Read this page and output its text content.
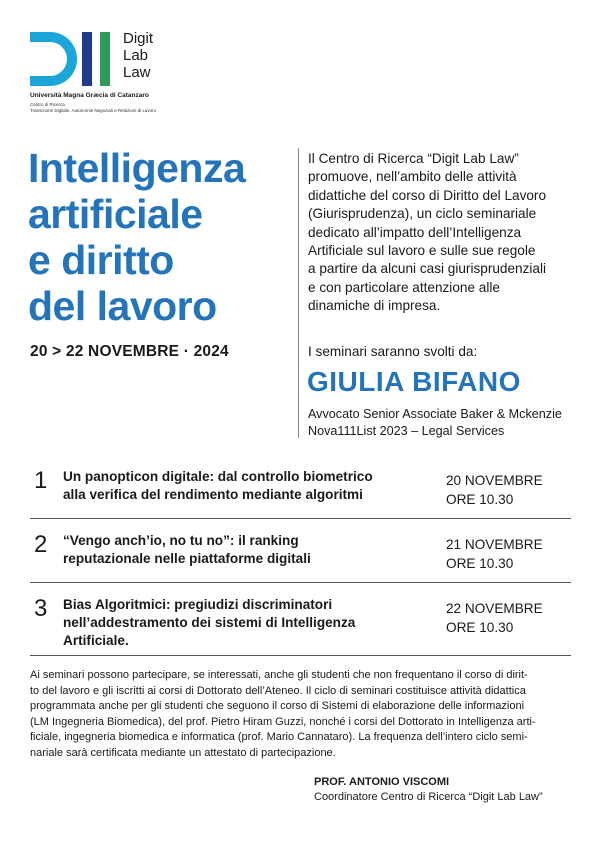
Digit
Lab
Law
Università Magna Græcia di Catanzaro
Centro di Ricerca
Transizione Digitale, Autonomie Negoziali e Relazioni di Lavoro
Intelligenza
artificiale
e diritto
del lavoro
20 > 22 NOVEMBRE · 2024
Il Centro di Ricerca “Digit Lab Law”
promuove, nell’ambito delle attività
didattiche del corso di Diritto del Lavoro
(Giurisprudenza), un ciclo seminariale
dedicato all’impatto dell’Intelligenza
Artificiale sul lavoro e sulle sue regole
a partire da alcuni casi giurisprudenziali
e con particolare attenzione alle
dinamiche di impresa.
I seminari saranno svolti da:
GIULIA BIFANO
Avvocato Senior Associate Baker & Mckenzie
Nova111List 2023 – Legal Services
1 Un panopticon digitale: dal controllo biometrico
alla verifica del rendimento mediante algoritmi
20 NOVEMBRE
ORE 10.30
2 “Vengo anch’io, no tu no”: il ranking
reputazionale nelle piattaforme digitali
21 NOVEMBRE
ORE 10.30
3 Bias Algoritmici: pregiudizi discriminatori
nell’addestramento dei sistemi di Intelligenza
Artificiale.
22 NOVEMBRE
ORE 10.30
Ai seminari possono partecipare, se interessati, anche gli studenti che non frequentano il corso di dirit-
to del lavoro e gli iscritti ai corsi di Dottorato dell’Ateneo. Il ciclo di seminari costituisce attività didattica
programmata anche per gli studenti che seguono il corso di Sistemi di elaborazione delle informazioni
(LM Ingegneria Biomedica), del prof. Pietro Hiram Guzzi, nonché i corsi del Dottorato in Intelligenza arti-
ficiale, ingegneria biomedica e informatica (prof. Mario Cannataro). La frequenza dell’intero ciclo semi-
nariale sarà certificata mediante un attestato di partecipazione.
PROF. ANTONIO VISCOMI
Coordinatore Centro di Ricerca “Digit Lab Law”
